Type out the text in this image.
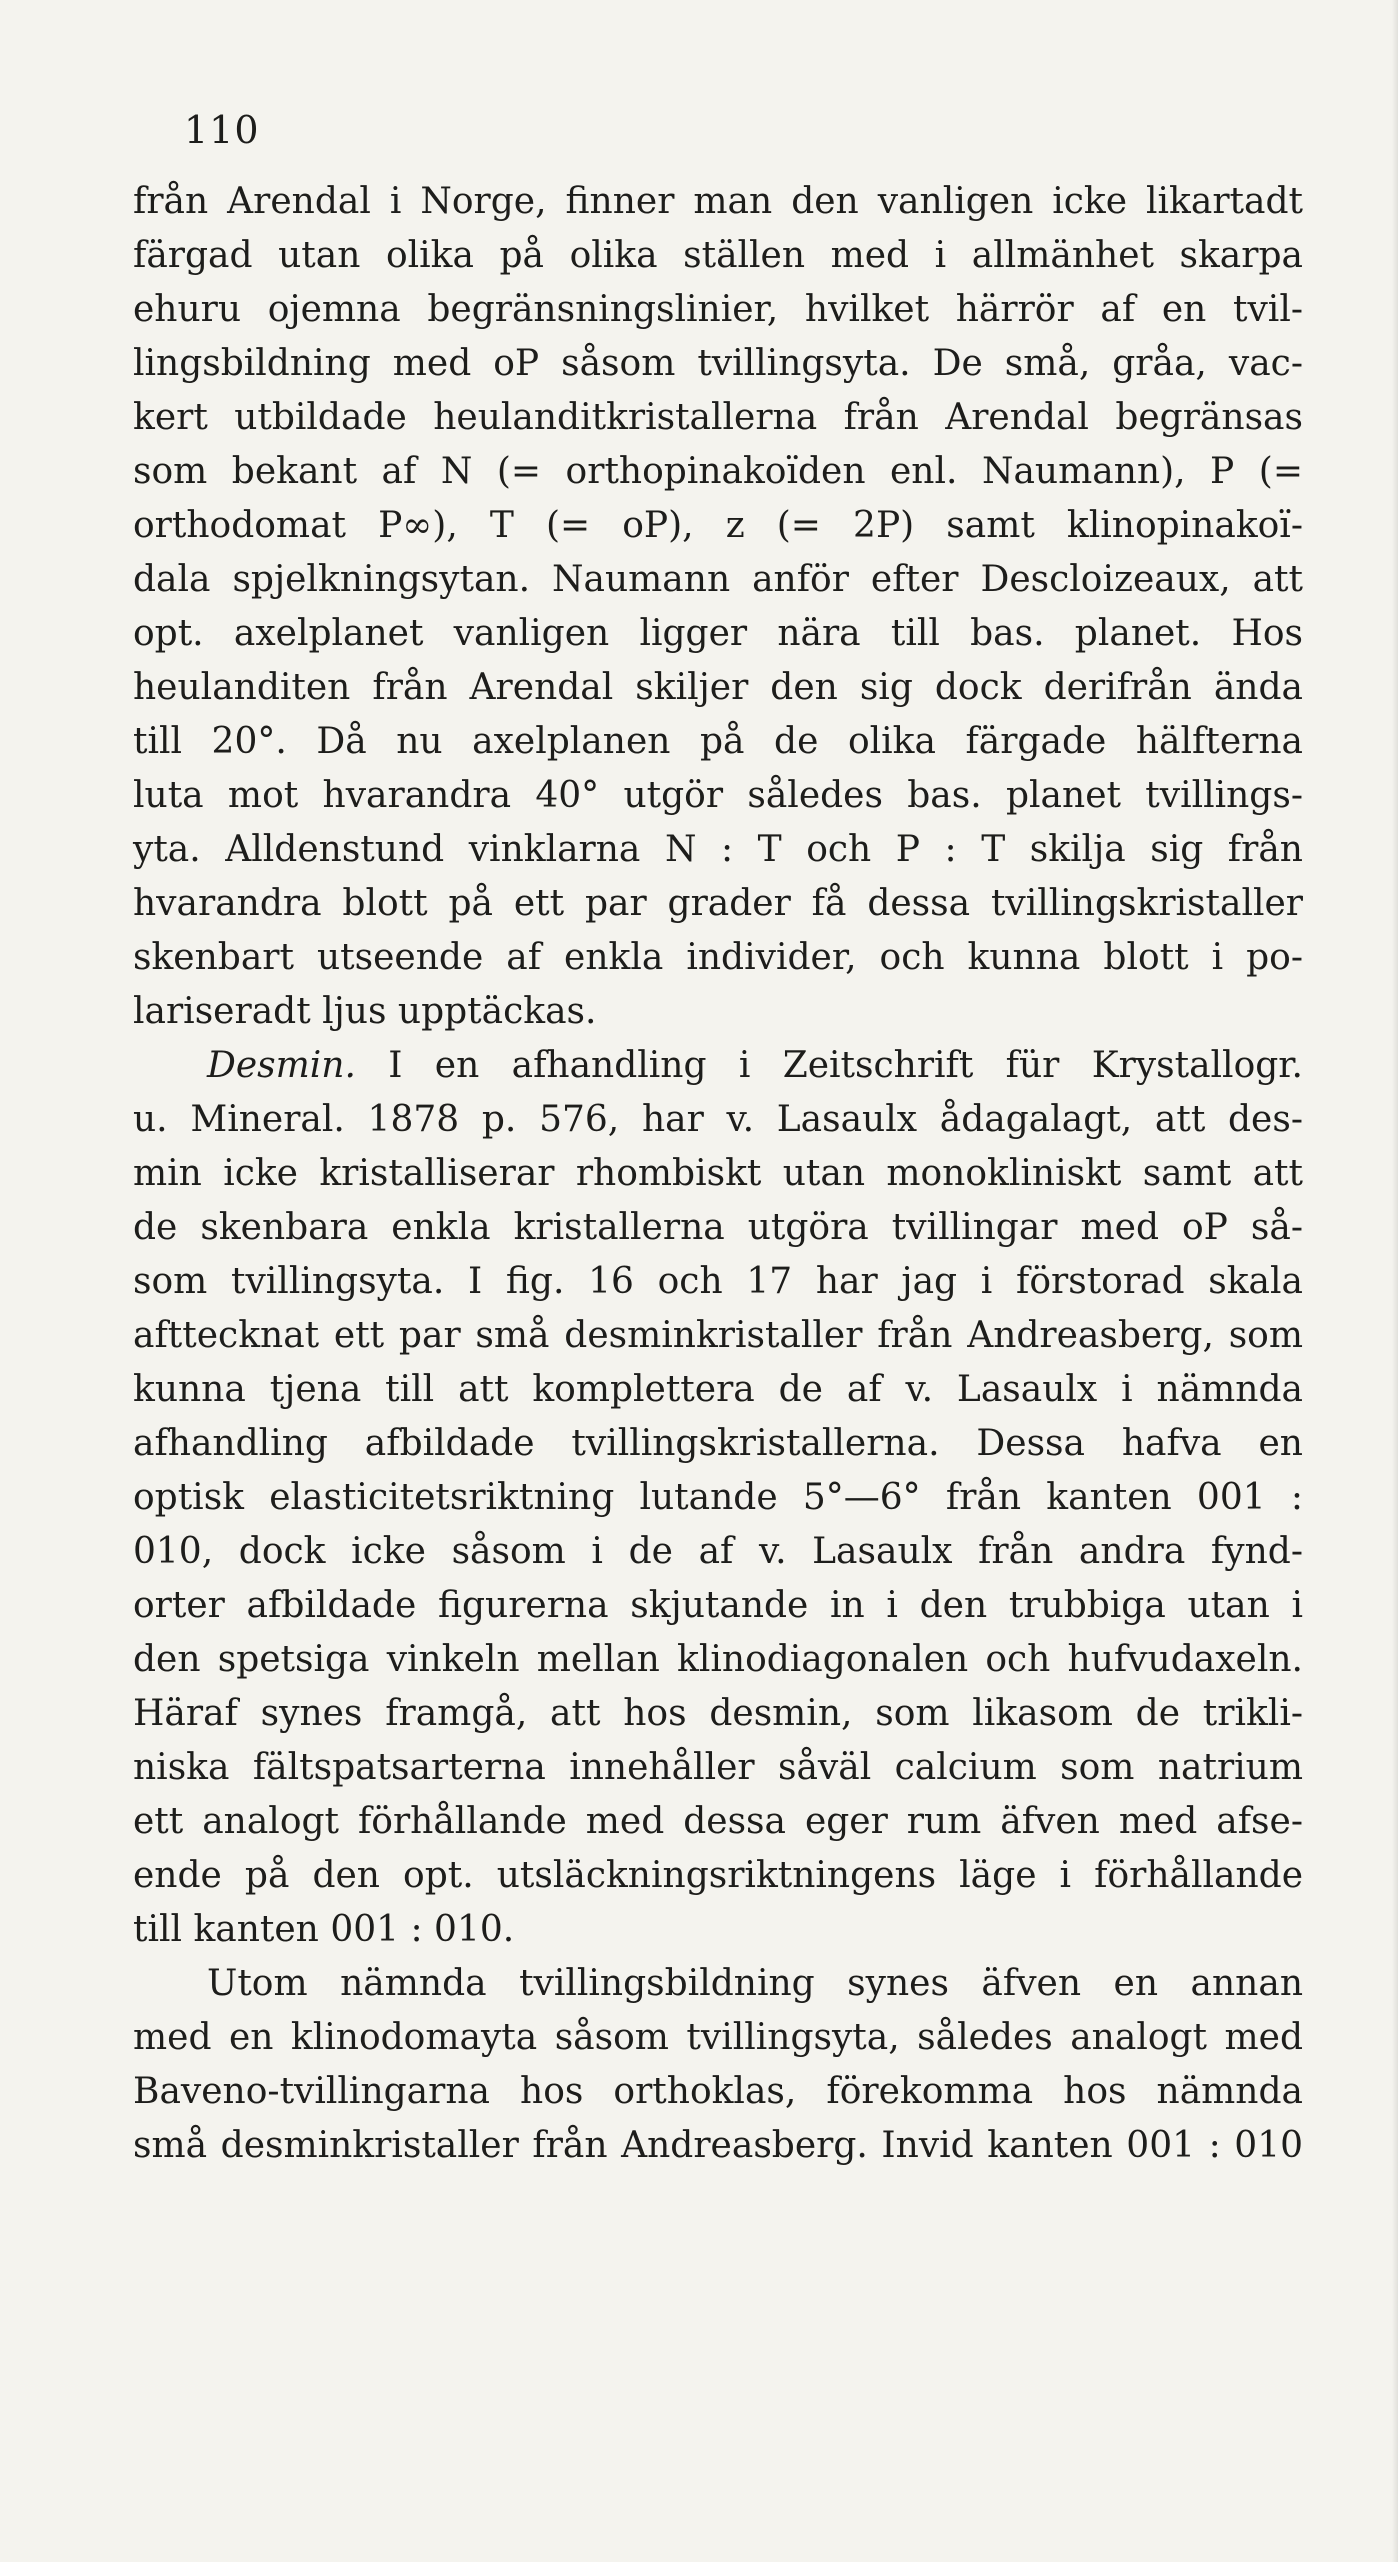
110
från Arendal i Norge, finner man den vanligen icke likartadt
färgad utan olika på olika ställen med i allmänhet skarpa
ehuru ojemna begränsningslinier, hvilket härrör af en tvil-
lingsbildning med oP såsom tvillingsyta. De små, gråa, vac-
kert utbildade heulanditkristallerna från Arendal begränsas
som bekant af N (= orthopinakoïden enl. Naumann), P (=
orthodomat P∞), T (= oP), z (= 2P) samt klinopinakoï-
dala spjelkningsytan. Naumann anför efter Descloizeaux, att
opt. axelplanet vanligen ligger nära till bas. planet. Hos
heulanditen från Arendal skiljer den sig dock derifrån ända
till 20°. Då nu axelplanen på de olika färgade hälfterna
luta mot hvarandra 40° utgör således bas. planet tvillings-
yta. Alldenstund vinklarna N : T och P : T skilja sig från
hvarandra blott på ett par grader få dessa tvillingskristaller
skenbart utseende af enkla individer, och kunna blott i po-
lariseradt ljus upptäckas.
Desmin. I en afhandling i Zeitschrift für Krystallogr.
u. Mineral. 1878 p. 576, har v. Lasaulx ådagalagt, att des-
min icke kristalliserar rhombiskt utan monokliniskt samt att
de skenbara enkla kristallerna utgöra tvillingar med oP så-
som tvillingsyta. I fig. 16 och 17 har jag i förstorad skala
afttecknat ett par små desminkristaller från Andreasberg, som
kunna tjena till att komplettera de af v. Lasaulx i nämnda
afhandling afbildade tvillingskristallerna. Dessa hafva en
optisk elasticitetsriktning lutande 5°—6° från kanten 001 :
010, dock icke såsom i de af v. Lasaulx från andra fynd-
orter afbildade figurerna skjutande in i den trubbiga utan i
den spetsiga vinkeln mellan klinodiagonalen och hufvudaxeln.
Häraf synes framgå, att hos desmin, som likasom de trikli-
niska fältspatsarterna innehåller såväl calcium som natrium
ett analogt förhållande med dessa eger rum äfven med afse-
ende på den opt. utsläckningsriktningens läge i förhållande
till kanten 001 : 010.
Utom nämnda tvillingsbildning synes äfven en annan
med en klinodomayta såsom tvillingsyta, således analogt med
Baveno-tvillingarna hos orthoklas, förekomma hos nämnda
små desminkristaller från Andreasberg. Invid kanten 001 : 010
